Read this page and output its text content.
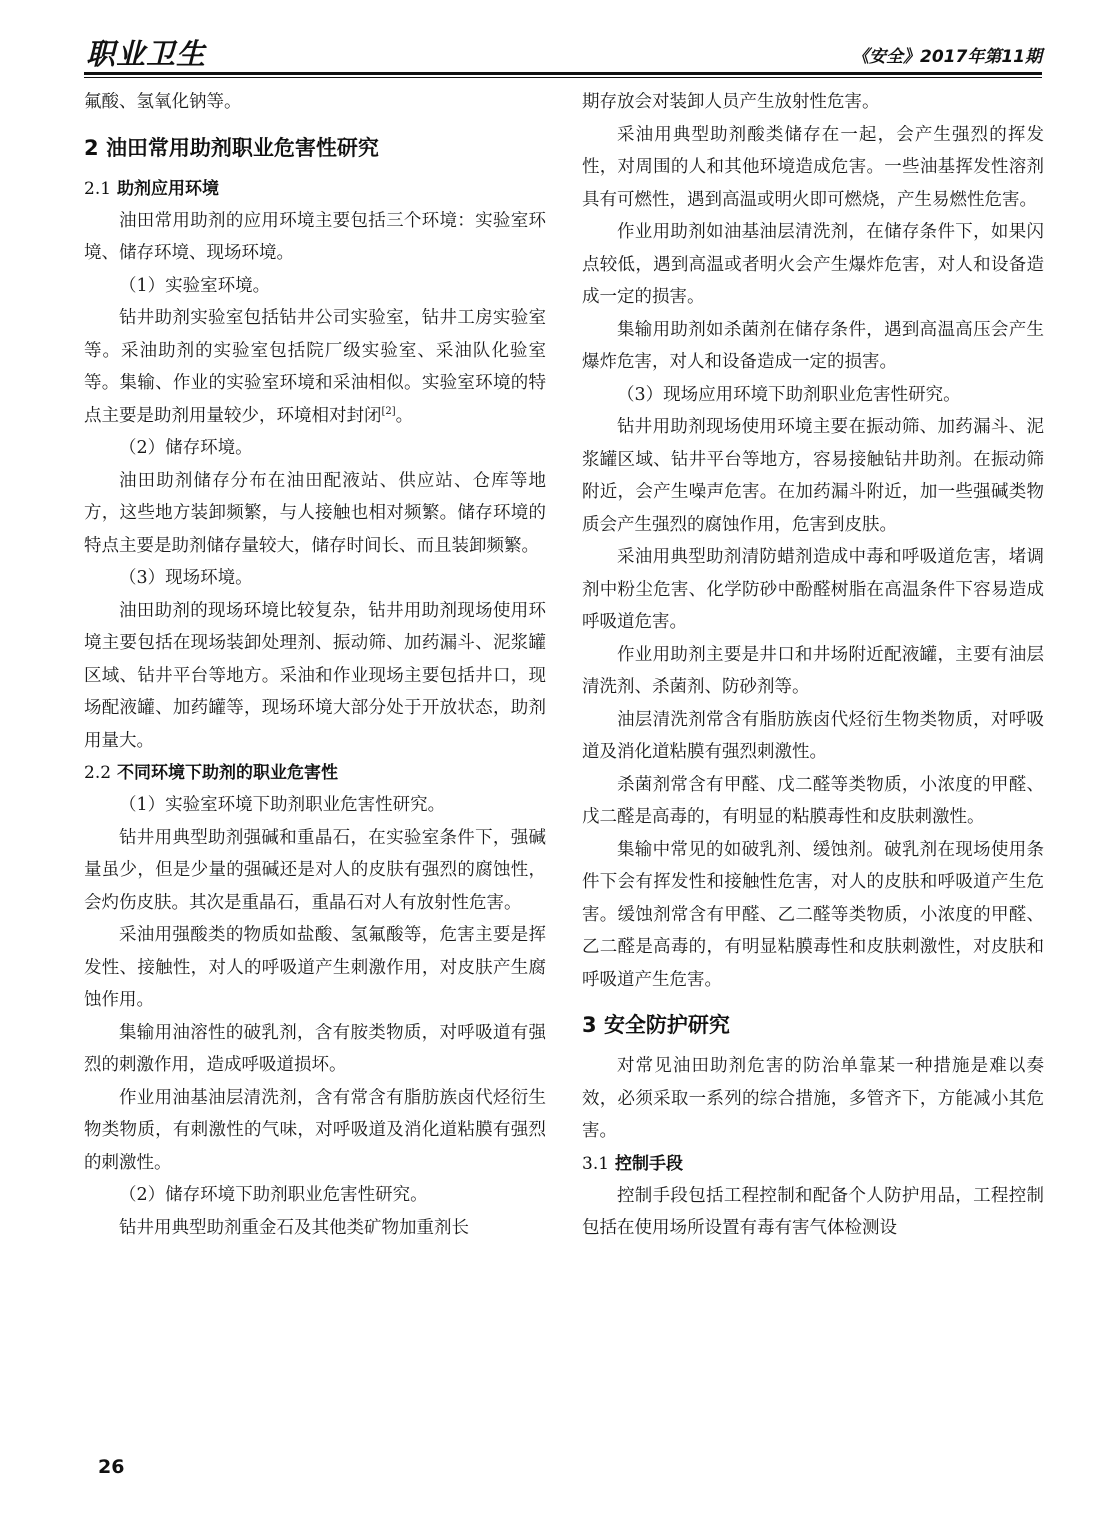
职业卫生	《安全》2017年第11期

氟酸、氢氧化钠等。

2 油田常用助剂职业危害性研究
2.1 助剂应用环境

油田常用助剂的应用环境主要包括三个环境：实验室环境、储存环境、现场环境。

（1）实验室环境。

钻井助剂实验室包括钻井公司实验室，钻井工房实验室等。采油助剂的实验室包括院厂级实验室、采油队化验室等。集输、作业的实验室环境和采油相似。实验室环境的特点主要是助剂用量较少，环境相对封闭[2]。

（2）储存环境。

油田助剂储存分布在油田配液站、供应站、仓库等地方，这些地方装卸频繁，与人接触也相对频繁。储存环境的特点主要是助剂储存量较大，储存时间长、而且装卸频繁。

（3）现场环境。

油田助剂的现场环境比较复杂，钻井用助剂现场使用环境主要包括在现场装卸处理剂、振动筛、加药漏斗、泥浆罐区域、钻井平台等地方。采油和作业现场主要包括井口，现场配液罐、加药罐等，现场环境大部分处于开放状态，助剂用量大。

2.2 不同环境下助剂的职业危害性

（1）实验室环境下助剂职业危害性研究。

钻井用典型助剂强碱和重晶石，在实验室条件下，强碱量虽少，但是少量的强碱还是对人的皮肤有强烈的腐蚀性，会灼伤皮肤。其次是重晶石，重晶石对人有放射性危害。

采油用强酸类的物质如盐酸、氢氟酸等，危害主要是挥发性、接触性，对人的呼吸道产生刺激作用，对皮肤产生腐蚀作用。

集输用油溶性的破乳剂，含有胺类物质，对呼吸道有强烈的刺激作用，造成呼吸道损坏。

作业用油基油层清洗剂，含有常含有脂肪族卤代烃衍生物类物质，有刺激性的气味，对呼吸道及消化道粘膜有强烈的刺激性。

（2）储存环境下助剂职业危害性研究。

钻井用典型助剂重金石及其他类矿物加重剂长

期存放会对装卸人员产生放射性危害。

采油用典型助剂酸类储存在一起，会产生强烈的挥发性，对周围的人和其他环境造成危害。一些油基挥发性溶剂具有可燃性，遇到高温或明火即可燃烧，产生易燃性危害。

作业用助剂如油基油层清洗剂，在储存条件下，如果闪点较低，遇到高温或者明火会产生爆炸危害，对人和设备造成一定的损害。

集输用助剂如杀菌剂在储存条件，遇到高温高压会产生爆炸危害，对人和设备造成一定的损害。

（3）现场应用环境下助剂职业危害性研究。

钻井用助剂现场使用环境主要在振动筛、加药漏斗、泥浆罐区域、钻井平台等地方，容易接触钻井助剂。在振动筛附近，会产生噪声危害。在加药漏斗附近，加一些强碱类物质会产生强烈的腐蚀作用，危害到皮肤。

采油用典型助剂清防蜡剂造成中毒和呼吸道危害，堵调剂中粉尘危害、化学防砂中酚醛树脂在高温条件下容易造成呼吸道危害。

作业用助剂主要是井口和井场附近配液罐，主要有油层清洗剂、杀菌剂、防砂剂等。

油层清洗剂常含有脂肪族卤代烃衍生物类物质，对呼吸道及消化道粘膜有强烈刺激性。

杀菌剂常含有甲醛、戊二醛等类物质，小浓度的甲醛、戊二醛是高毒的，有明显的粘膜毒性和皮肤刺激性。

集输中常见的如破乳剂、缓蚀剂。破乳剂在现场使用条件下会有挥发性和接触性危害，对人的皮肤和呼吸道产生危害。缓蚀剂常含有甲醛、乙二醛等类物质，小浓度的甲醛、乙二醛是高毒的，有明显粘膜毒性和皮肤刺激性，对皮肤和呼吸道产生危害。

3 安全防护研究

对常见油田助剂危害的防治单靠某一种措施是难以奏效，必须采取一系列的综合措施，多管齐下，方能减小其危害。

3.1 控制手段

控制手段包括工程控制和配备个人防护用品，工程控制包括在使用场所设置有毒有害气体检测设

26
